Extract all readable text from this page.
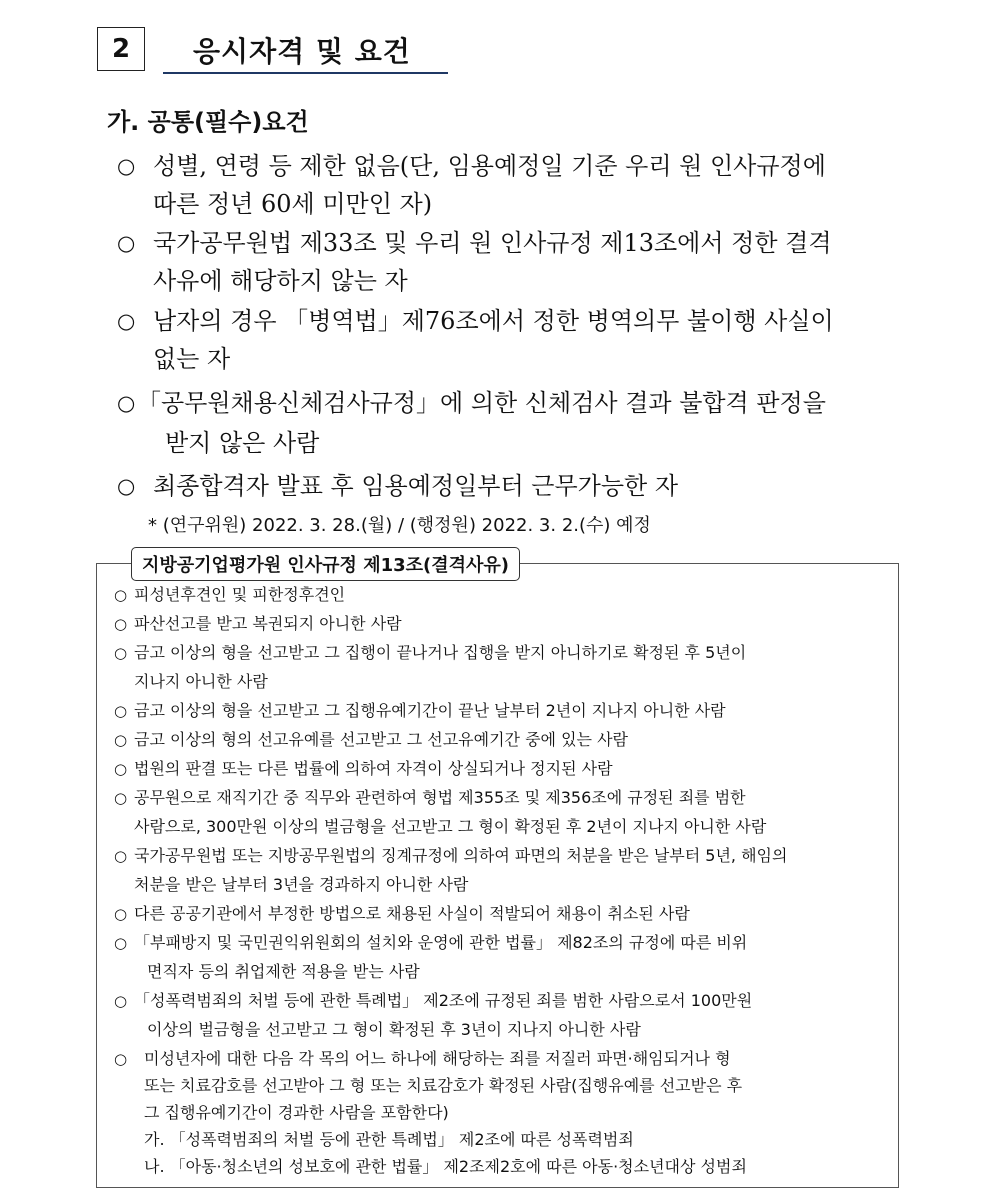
2	응시자격 및 요건
가. 공통(필수)요건
○ 성별, 연령 등 제한 없음(단, 임용예정일 기준 우리 원 인사규정에
따른 정년 60세 미만인 자)
○ 국가공무원법 제33조 및 우리 원 인사규정 제13조에서 정한 결격
사유에 해당하지 않는 자
○ 남자의 경우 「병역법」제76조에서 정한 병역의무 불이행 사실이
없는 자
○ 「공무원채용신체검사규정」에 의한 신체검사 결과 불합격 판정을
받지 않은 사람
○ 최종합격자 발표 후 임용예정일부터 근무가능한 자
* (연구위원) 2022. 3. 28.(월) / (행정원) 2022. 3. 2.(수) 예정
지방공기업평가원 인사규정 제13조(결격사유)
○ 피성년후견인 및 피한정후견인
○ 파산선고를 받고 복권되지 아니한 사람
○ 금고 이상의 형을 선고받고 그 집행이 끝나거나 집행을 받지 아니하기로 확정된 후 5년이
지나지 아니한 사람
○ 금고 이상의 형을 선고받고 그 집행유예기간이 끝난 날부터 2년이 지나지 아니한 사람
○ 금고 이상의 형의 선고유예를 선고받고 그 선고유예기간 중에 있는 사람
○ 법원의 판결 또는 다른 법률에 의하여 자격이 상실되거나 정지된 사람
○ 공무원으로 재직기간 중 직무와 관련하여 형법 제355조 및 제356조에 규정된 죄를 범한
사람으로, 300만원 이상의 벌금형을 선고받고 그 형이 확정된 후 2년이 지나지 아니한 사람
○ 국가공무원법 또는 지방공무원법의 징계규정에 의하여 파면의 처분을 받은 날부터 5년, 해임의
처분을 받은 날부터 3년을 경과하지 아니한 사람
○ 다른 공공기관에서 부정한 방법으로 채용된 사실이 적발되어 채용이 취소된 사람
○ 「부패방지 및 국민권익위원회의 설치와 운영에 관한 법률」 제82조의 규정에 따른 비위
면직자 등의 취업제한 적용을 받는 사람
○ 「성폭력범죄의 처벌 등에 관한 특례법」 제2조에 규정된 죄를 범한 사람으로서 100만원
이상의 벌금형을 선고받고 그 형이 확정된 후 3년이 지나지 아니한 사람
○ 미성년자에 대한 다음 각 목의 어느 하나에 해당하는 죄를 저질러 파면·해임되거나 형
또는 치료감호를 선고받아 그 형 또는 치료감호가 확정된 사람(집행유예를 선고받은 후
그 집행유예기간이 경과한 사람을 포함한다)
가. 「성폭력범죄의 처벌 등에 관한 특례법」 제2조에 따른 성폭력범죄
나. 「아동·청소년의 성보호에 관한 법률」 제2조제2호에 따른 아동·청소년대상 성범죄
